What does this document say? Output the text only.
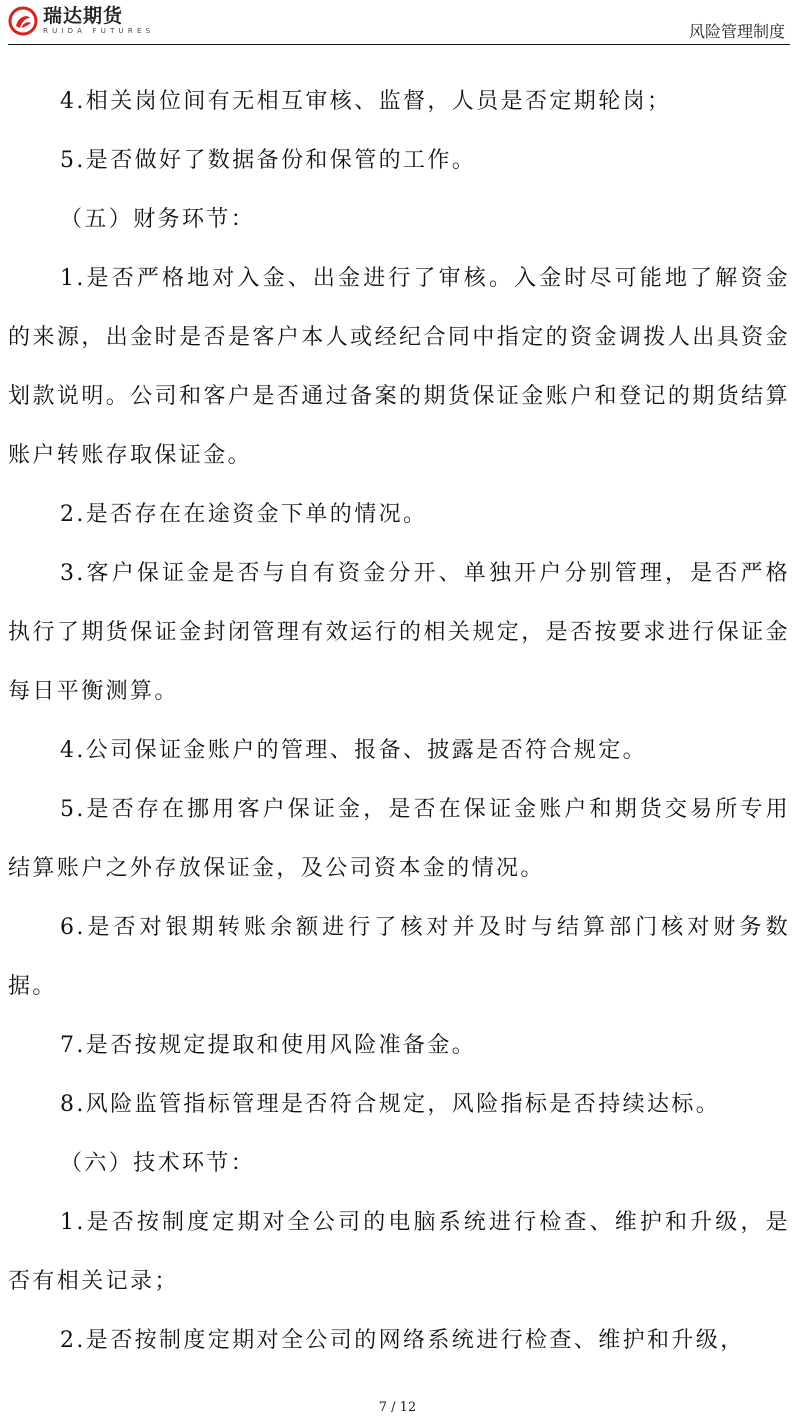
瑞达期货
RUIDA FUTURES	风险管理制度

4.相关岗位间有无相互审核、监督，人员是否定期轮岗；

5.是否做好了数据备份和保管的工作。

（五）财务环节：

1.是否严格地对入金、出金进行了审核。入金时尽可能地了解资金的来源，出金时是否是客户本人或经纪合同中指定的资金调拨人出具资金划款说明。公司和客户是否通过备案的期货保证金账户和登记的期货结算账户转账存取保证金。

2.是否存在在途资金下单的情况。

3.客户保证金是否与自有资金分开、单独开户分别管理，是否严格执行了期货保证金封闭管理有效运行的相关规定，是否按要求进行保证金每日平衡测算。

4.公司保证金账户的管理、报备、披露是否符合规定。

5.是否存在挪用客户保证金，是否在保证金账户和期货交易所专用结算账户之外存放保证金，及公司资本金的情况。

6.是否对银期转账余额进行了核对并及时与结算部门核对财务数据。

7.是否按规定提取和使用风险准备金。

8.风险监管指标管理是否符合规定，风险指标是否持续达标。

（六）技术环节：

1.是否按制度定期对全公司的电脑系统进行检查、维护和升级，是否有相关记录；

2.是否按制度定期对全公司的网络系统进行检查、维护和升级，

7 / 12
